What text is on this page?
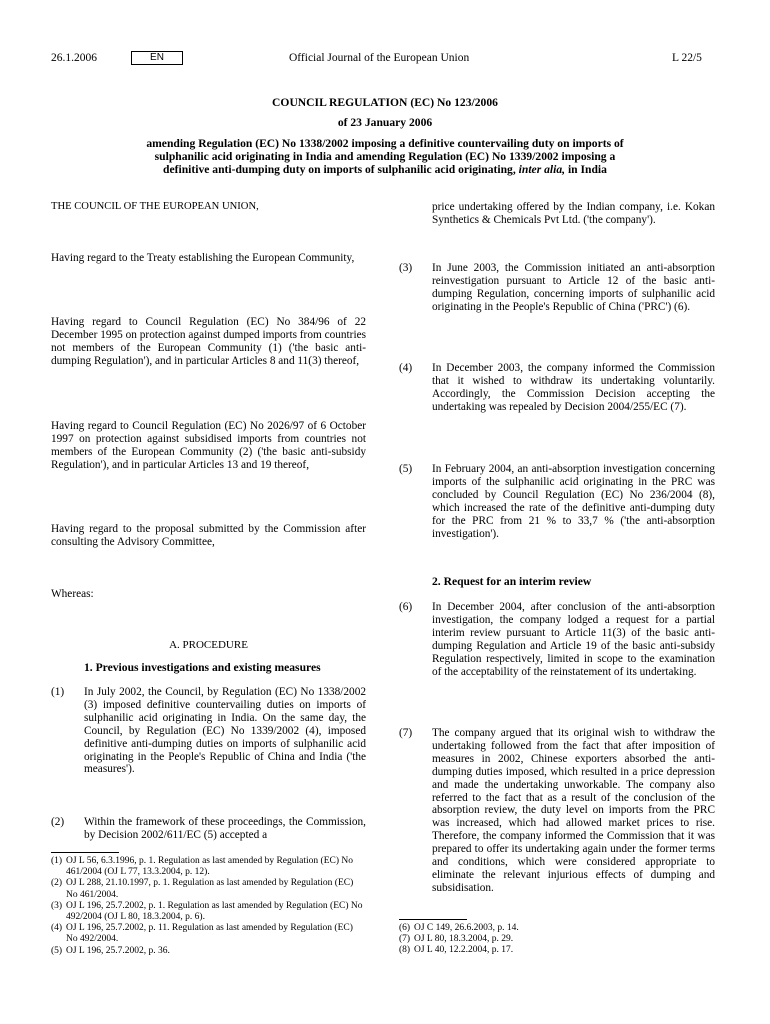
26.1.2006	EN	Official Journal of the European Union	L 22/5
COUNCIL REGULATION (EC) No 123/2006
of 23 January 2006
amending Regulation (EC) No 1338/2002 imposing a definitive countervailing duty on imports of
sulphanilic acid originating in India and amending Regulation (EC) No 1339/2002 imposing a
definitive anti-dumping duty on imports of sulphanilic acid originating, inter alia, in India
THE COUNCIL OF THE EUROPEAN UNION,
Having regard to the Treaty establishing the European Community,
Having regard to Council Regulation (EC) No 384/96 of 22 December 1995 on protection against dumped imports from countries not members of the European Community (1) ('the basic anti-dumping Regulation'), and in particular Articles 8 and 11(3) thereof,
Having regard to Council Regulation (EC) No 2026/97 of 6 October 1997 on protection against subsidised imports from countries not members of the European Community (2) ('the basic anti-subsidy Regulation'), and in particular Articles 13 and 19 thereof,
Having regard to the proposal submitted by the Commission after consulting the Advisory Committee,
Whereas:
A. PROCEDURE
1. Previous investigations and existing measures
(1) In July 2002, the Council, by Regulation (EC) No 1338/2002 (3) imposed definitive countervailing duties on imports of sulphanilic acid originating in India. On the same day, the Council, by Regulation (EC) No 1339/2002 (4), imposed definitive anti-dumping duties on imports of sulphanilic acid originating in the People's Republic of China and India ('the measures').
(2) Within the framework of these proceedings, the Commission, by Decision 2002/611/EC (5) accepted a
(1) OJ L 56, 6.3.1996, p. 1. Regulation as last amended by Regulation (EC) No 461/2004 (OJ L 77, 13.3.2004, p. 12).
(2) OJ L 288, 21.10.1997, p. 1. Regulation as last amended by Regulation (EC) No 461/2004.
(3) OJ L 196, 25.7.2002, p. 1. Regulation as last amended by Regulation (EC) No 492/2004 (OJ L 80, 18.3.2004, p. 6).
(4) OJ L 196, 25.7.2002, p. 11. Regulation as last amended by Regulation (EC) No 492/2004.
(5) OJ L 196, 25.7.2002, p. 36.
price undertaking offered by the Indian company, i.e. Kokan Synthetics & Chemicals Pvt Ltd. ('the company').
(3) In June 2003, the Commission initiated an anti-absorption reinvestigation pursuant to Article 12 of the basic anti-dumping Regulation, concerning imports of sulphanilic acid originating in the People's Republic of China ('PRC') (6).
(4) In December 2003, the company informed the Commission that it wished to withdraw its undertaking voluntarily. Accordingly, the Commission Decision accepting the undertaking was repealed by Decision 2004/255/EC (7).
(5) In February 2004, an anti-absorption investigation concerning imports of the sulphanilic acid originating in the PRC was concluded by Council Regulation (EC) No 236/2004 (8), which increased the rate of the definitive anti-dumping duty for the PRC from 21 % to 33,7 % ('the anti-absorption investigation').
2. Request for an interim review
(6) In December 2004, after conclusion of the anti-absorption investigation, the company lodged a request for a partial interim review pursuant to Article 11(3) of the basic anti-dumping Regulation and Article 19 of the basic anti-subsidy Regulation respectively, limited in scope to the examination of the acceptability of the reinstatement of its undertaking.
(7) The company argued that its original wish to withdraw the undertaking followed from the fact that after imposition of measures in 2002, Chinese exporters absorbed the anti-dumping duties imposed, which resulted in a price depression and made the undertaking unworkable. The company also referred to the fact that as a result of the conclusion of the absorption review, the duty level on imports from the PRC was increased, which had allowed market prices to rise. Therefore, the company informed the Commission that it was prepared to offer its undertaking again under the former terms and conditions, which were considered appropriate to eliminate the relevant injurious effects of dumping and subsidisation.
(6) OJ C 149, 26.6.2003, p. 14.
(7) OJ L 80, 18.3.2004, p. 29.
(8) OJ L 40, 12.2.2004, p. 17.
